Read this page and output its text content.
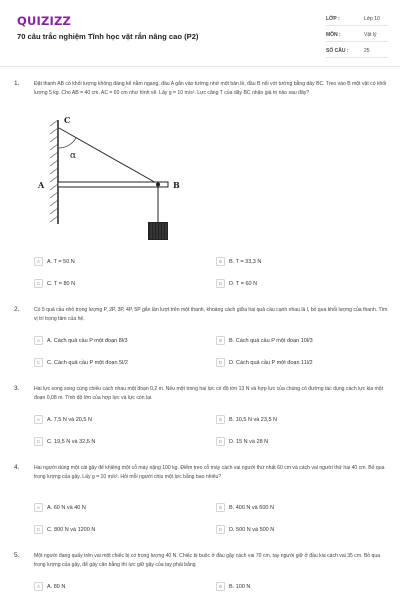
QUIZIZZ
70 câu trắc nghiệm Tĩnh học vật rắn nâng cao (P2)
LỚP :	Lớp 10
MÔN :	Vật lý
SỐ CÂU :	25
1.	Đặt thanh AB có khối lượng không đáng kể nằm ngang, đầu A gắn vào tường nhờ một bản lề, đầu B nối với tường bằng dây BC. Treo vào B một vật có khối lượng 5 kg. Cho AB = 40 cm, AC = 60 cm như hình vẽ. Lấy g = 10 m/s². Lực căng T của dây BC nhận giá trị nào sau đây?
C
α
A	B
A	A. T = 50 N	B	B. T = 33,3 N
C	C. T = 80 N	D	D. T = 60 N
2.	Có 5 quả cầu nhỏ trọng lượng P, 2P, 3P, 4P, 5P gắn lần lượt trên một thanh, khoảng cách giữa hai quả cầu cạnh nhau là l, bỏ qua khối lượng của thanh. Tìm vị trí trọng tâm của hệ.
A	A. Cách quả cầu P một đoạn 8l/3	B	B. Cách quả cầu P một đoạn 10l/3
C	C. Cách quả cầu P một đoạn 5l/2	D	D. Cách quả cầu P một đoạn 11l/2
3.	Hai lực song song cùng chiều cách nhau một đoạn 0,2 m. Nếu một trong hai lực có độ lớn 13 N và hợp lực của chúng có đường tác dụng cách lực kia một đoạn 0,08 m. Tính độ lớn của hợp lực và lực còn lại.
A	A. 7,5 N và 20,5 N	B	B. 10,5 N và 23,5 N
C	C. 19,5 N và 32,5 N	D	D. 15 N và 28 N
4.	Hai người dùng một cái gậy để khiêng một cỗ máy nặng 100 kg. Điểm treo cỗ máy cách vai người thứ nhất 60 cm và cách vai người thứ hai 40 cm. Bỏ qua trọng lượng của gậy. Lấy g = 10 m/s². Hỏi mỗi người chịu một lực bằng bao nhiêu?
A	A. 60 N và 40 N	B	B. 400 N và 600 N
C	C. 800 N và 1200 N	D	D. 500 N và 500 N
5.	Một người đang quẩy trên vai một chiếc bị có trọng lượng 40 N. Chiếc bị buộc ở đầu gậy cách vai 70 cm, tay người giữ ở đầu kia cách vai 35 cm. Bỏ qua trọng lượng của gậy, để gậy cân bằng thì lực giữ gậy của tay phải bằng
A	A. 80 N	B	B. 100 N
